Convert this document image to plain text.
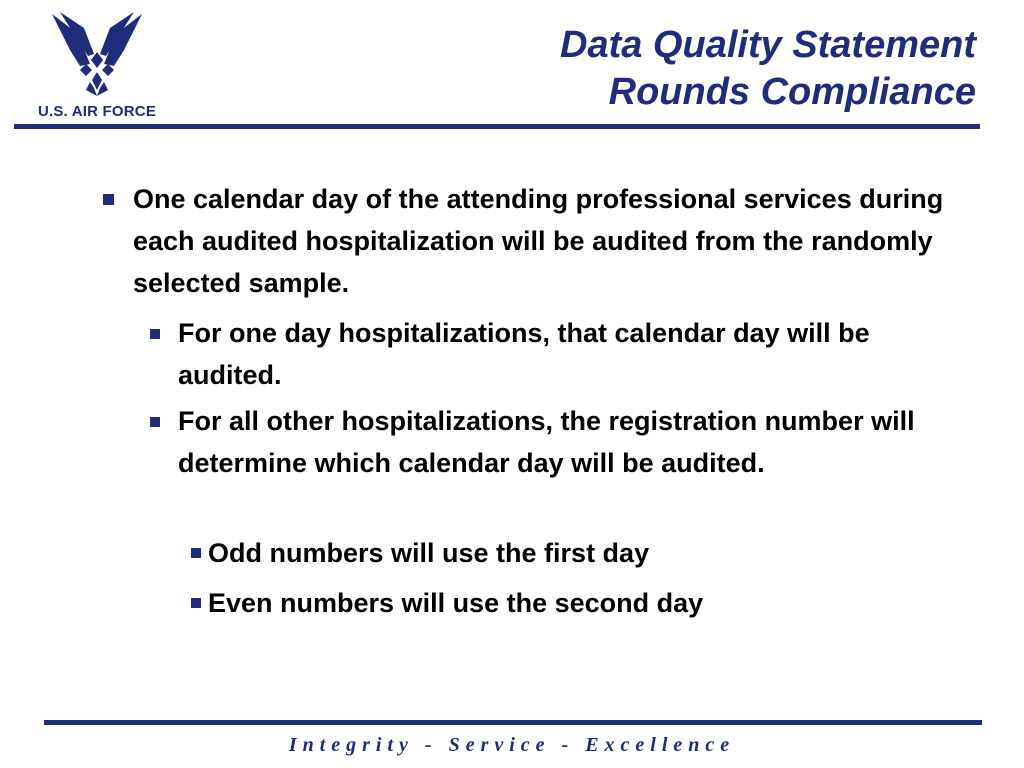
U.S. AIR FORCE
Data Quality Statement
Rounds Compliance
One calendar day of the attending professional services during each audited hospitalization will be audited from the randomly selected sample.
For one day hospitalizations, that calendar day will be audited.
For all other hospitalizations, the registration number will determine which calendar day will be audited.
Odd numbers will use the first day
Even numbers will use the second day
Integrity - Service - Excellence
